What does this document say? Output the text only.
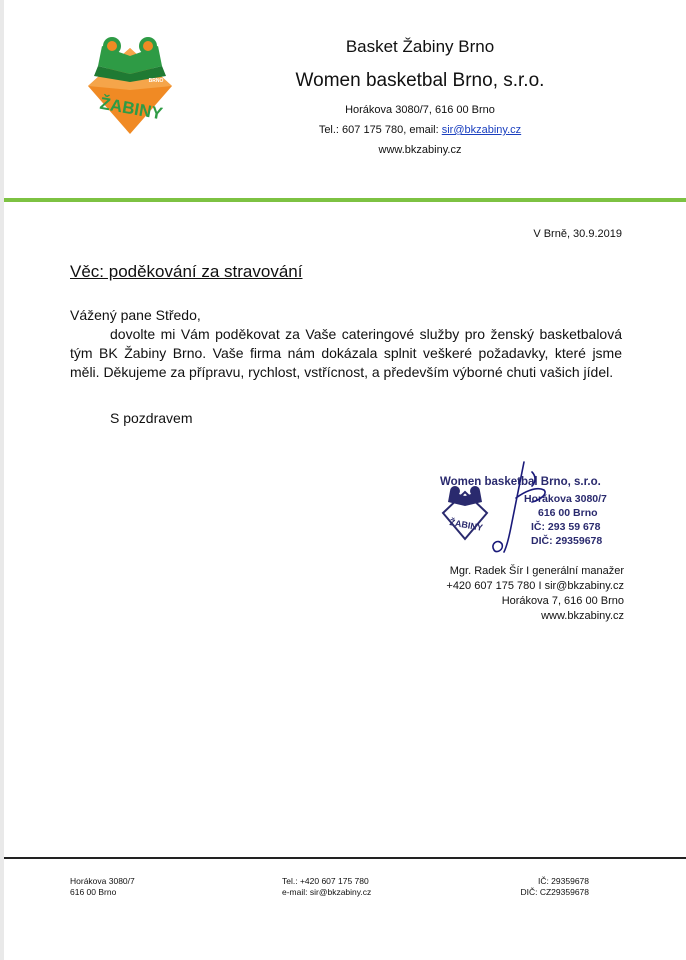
ŽABINY
BRNO
Basket Žabiny Brno
Women basketbal Brno, s.r.o.
Horákova 3080/7, 616 00 Brno
Tel.: 607 175 780, email: sir@bkzabiny.cz
www.bkzabiny.cz
V Brně, 30.9.2019
Věc: poděkování za stravování
Vážený pane Středo,
dovolte mi Vám poděkovat za Vaše cateringové služby pro ženský basketbalová tým BK Žabiny Brno. Vaše firma nám dokázala splnit veškeré požadavky, které jsme měli. Děkujeme za přípravu, rychlost, vstřícnost, a především výborné chuti vašich jídel.
S pozdravem
ŽABINY
Women basketbal Brno, s.r.o.
Horákova 3080/7
616 00 Brno
IČ: 293 59 678
DIČ: 29359678
Mgr. Radek Šír I generální manažer
+420 607 175 780 I sir@bkzabiny.cz
Horákova 7, 616 00 Brno
www.bkzabiny.cz
Horákova 3080/7
616 00 Brno
Tel.: +420 607 175 780
e-mail: sir@bkzabiny.cz
IČ: 29359678
DIČ: CZ29359678
